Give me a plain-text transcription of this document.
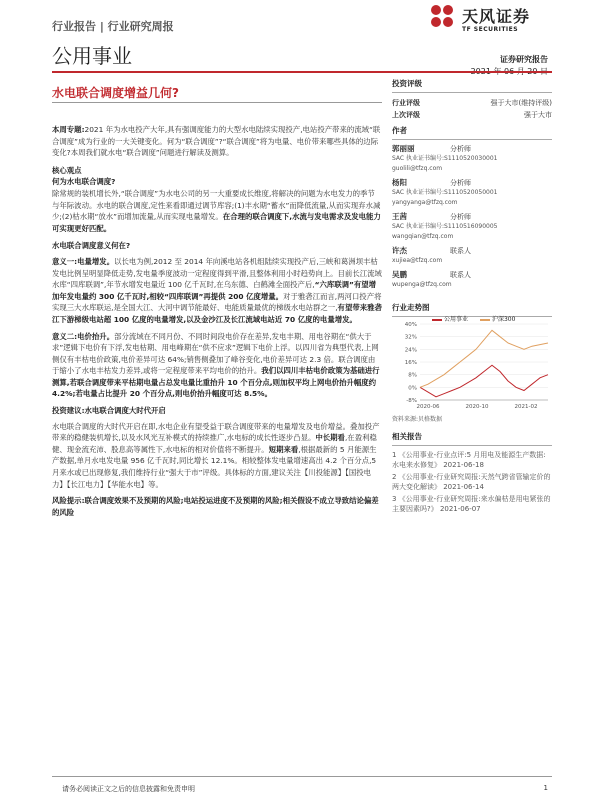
行业报告 | 行业研究周报
天风证券
TF SECURITIES
公用事业	证券研究报告
水电联合调度增益几何?

本周专题:2021 年为水电投产大年,具有强调度能力的大型水电陆续实现投产,电站投产带来的流域“联合调度”成为行业的一大关键变化。何为“联合调度”?“联合调度”将为电量、电价带来哪些具体的边际变化?本周我们就水电“联合调度”问题进行解读及测算。

核心观点

何为水电联合调度?

除常规的装机增长外,“联合调度”为水电公司的另一大重要成长维度,将解决的问题为水电发力的季节与年际波动。水电的联合调度,定性来看即通过调节库容;(1)丰水期“蓄水”而降低流量,从而实现弃水减少;(2)枯水期“放水”而增加流量,从而实现电量增发。在合理的联合调度下,水流与发电需求及发电能力可实现更好匹配。

水电联合调度意义何在?

意义一:电量增发。以长电为例,2012 至 2014 年向溪电站各机组陆续实现投产后,三峡和葛洲坝丰枯发电比例呈明显降低走势,发电量季度波动一定程度得到平滑,且整体利用小时趋势向上。目前长江流域水库“四库联调”,年节水增发电量近 100 亿千瓦时,在乌东德、白鹤滩全面投产后,“六库联调”有望增加年发电量约 300 亿千瓦时,相较“四库联调”再提供 200 亿度增量。对于雅砻江而言,两河口投产将实现三大水库联运,是全国大江、大河中调节能最好、电能质量最优的梯级水电站群之一,有望带来雅砻江下游梯级电站超 100 亿度的电量增发,以及金沙江及长江流域电站近 70 亿度的电量增发。

意义二:电价抬升。部分流域在不同月份、不同时间段电价存在差异,发电丰期、用电谷期在“供大于求”逻辑下电价有下浮,发电枯期、用电峰期在“供不应求”逻辑下电价上浮。以四川省为典型代表,上网侧仅有丰枯电价政策,电价差异可达 64%;销售侧叠加了峰谷变化,电价差异可达 2.3 倍。联合调度由于缩小了水电丰枯发力差异,或将一定程度带来平均电价的抬升。我们以四川丰枯电价政策为基础进行测算,若联合调度带来平枯期电量占总发电量比重抬升 10 个百分点,则加权平均上网电价抬升幅度约 4.2%;若电量占比提升 20 个百分点,则电价抬升幅度可达 8.5%。

投资建议:水电联合调度大时代开启

水电联合调度的大时代开启在即,水电企业有望受益于联合调度带来的电量增发及电价增益。叠加投产带来的稳健装机增长,以及水风光互补模式的持续推广,水电标的成长性逐步凸显。中长期看,在盈利稳健、现金流充沛、股息高等属性下,水电标的相对价值将不断提升。短期来看,根据最新的 5 月能源生产数据,单月水电发电量 956 亿千瓦时,同比增长 12.1%。相较整体发电量增速高出 4.2 个百分点,5 月来水或已出现修复,我们维持行业“强大于市”评级。具体标的方面,建议关注【川投能源】【国投电力】【长江电力】【华能水电】等。

风险提示:联合调度效果不及预期的风险;电站投运进度不及预期的风险;相关假设不成立导致结论偏差的风险

投资评级

行业评级	强于大市(维持评级)
上次评级	强于大市

作者

郭丽丽	分析师
SAC 执业证书编号:S1110520030001
guolili@tfzq.com
杨阳	分析师
SAC 执业证书编号:S1110520050001
yangyanga@tfzq.com
王茜	分析师
SAC 执业证书编号:S1110516090005
wangqian@tfzq.com
许杰	联系人
xujiea@tfzq.com
吴鹏	联系人
wupenga@tfzq.com

行业走势图

公用事业	沪深300
40%
32%
24%
16%
8%
0%
-8%
2020-06	2020-10	2021-02
资料来源:贝格数据

相关报告

1 《公用事业-行业点评:5 月用电及能源生产数据:水电来水修复》 2021-06-18
2 《公用事业-行业研究周报:天然气跨省管输定价的两大变化解读》 2021-06-14
3 《公用事业-行业研究周报:来水偏枯是用电紧张的主要因素吗?》 2021-06-07
请务必阅读正文之后的信息披露和免责申明	1
